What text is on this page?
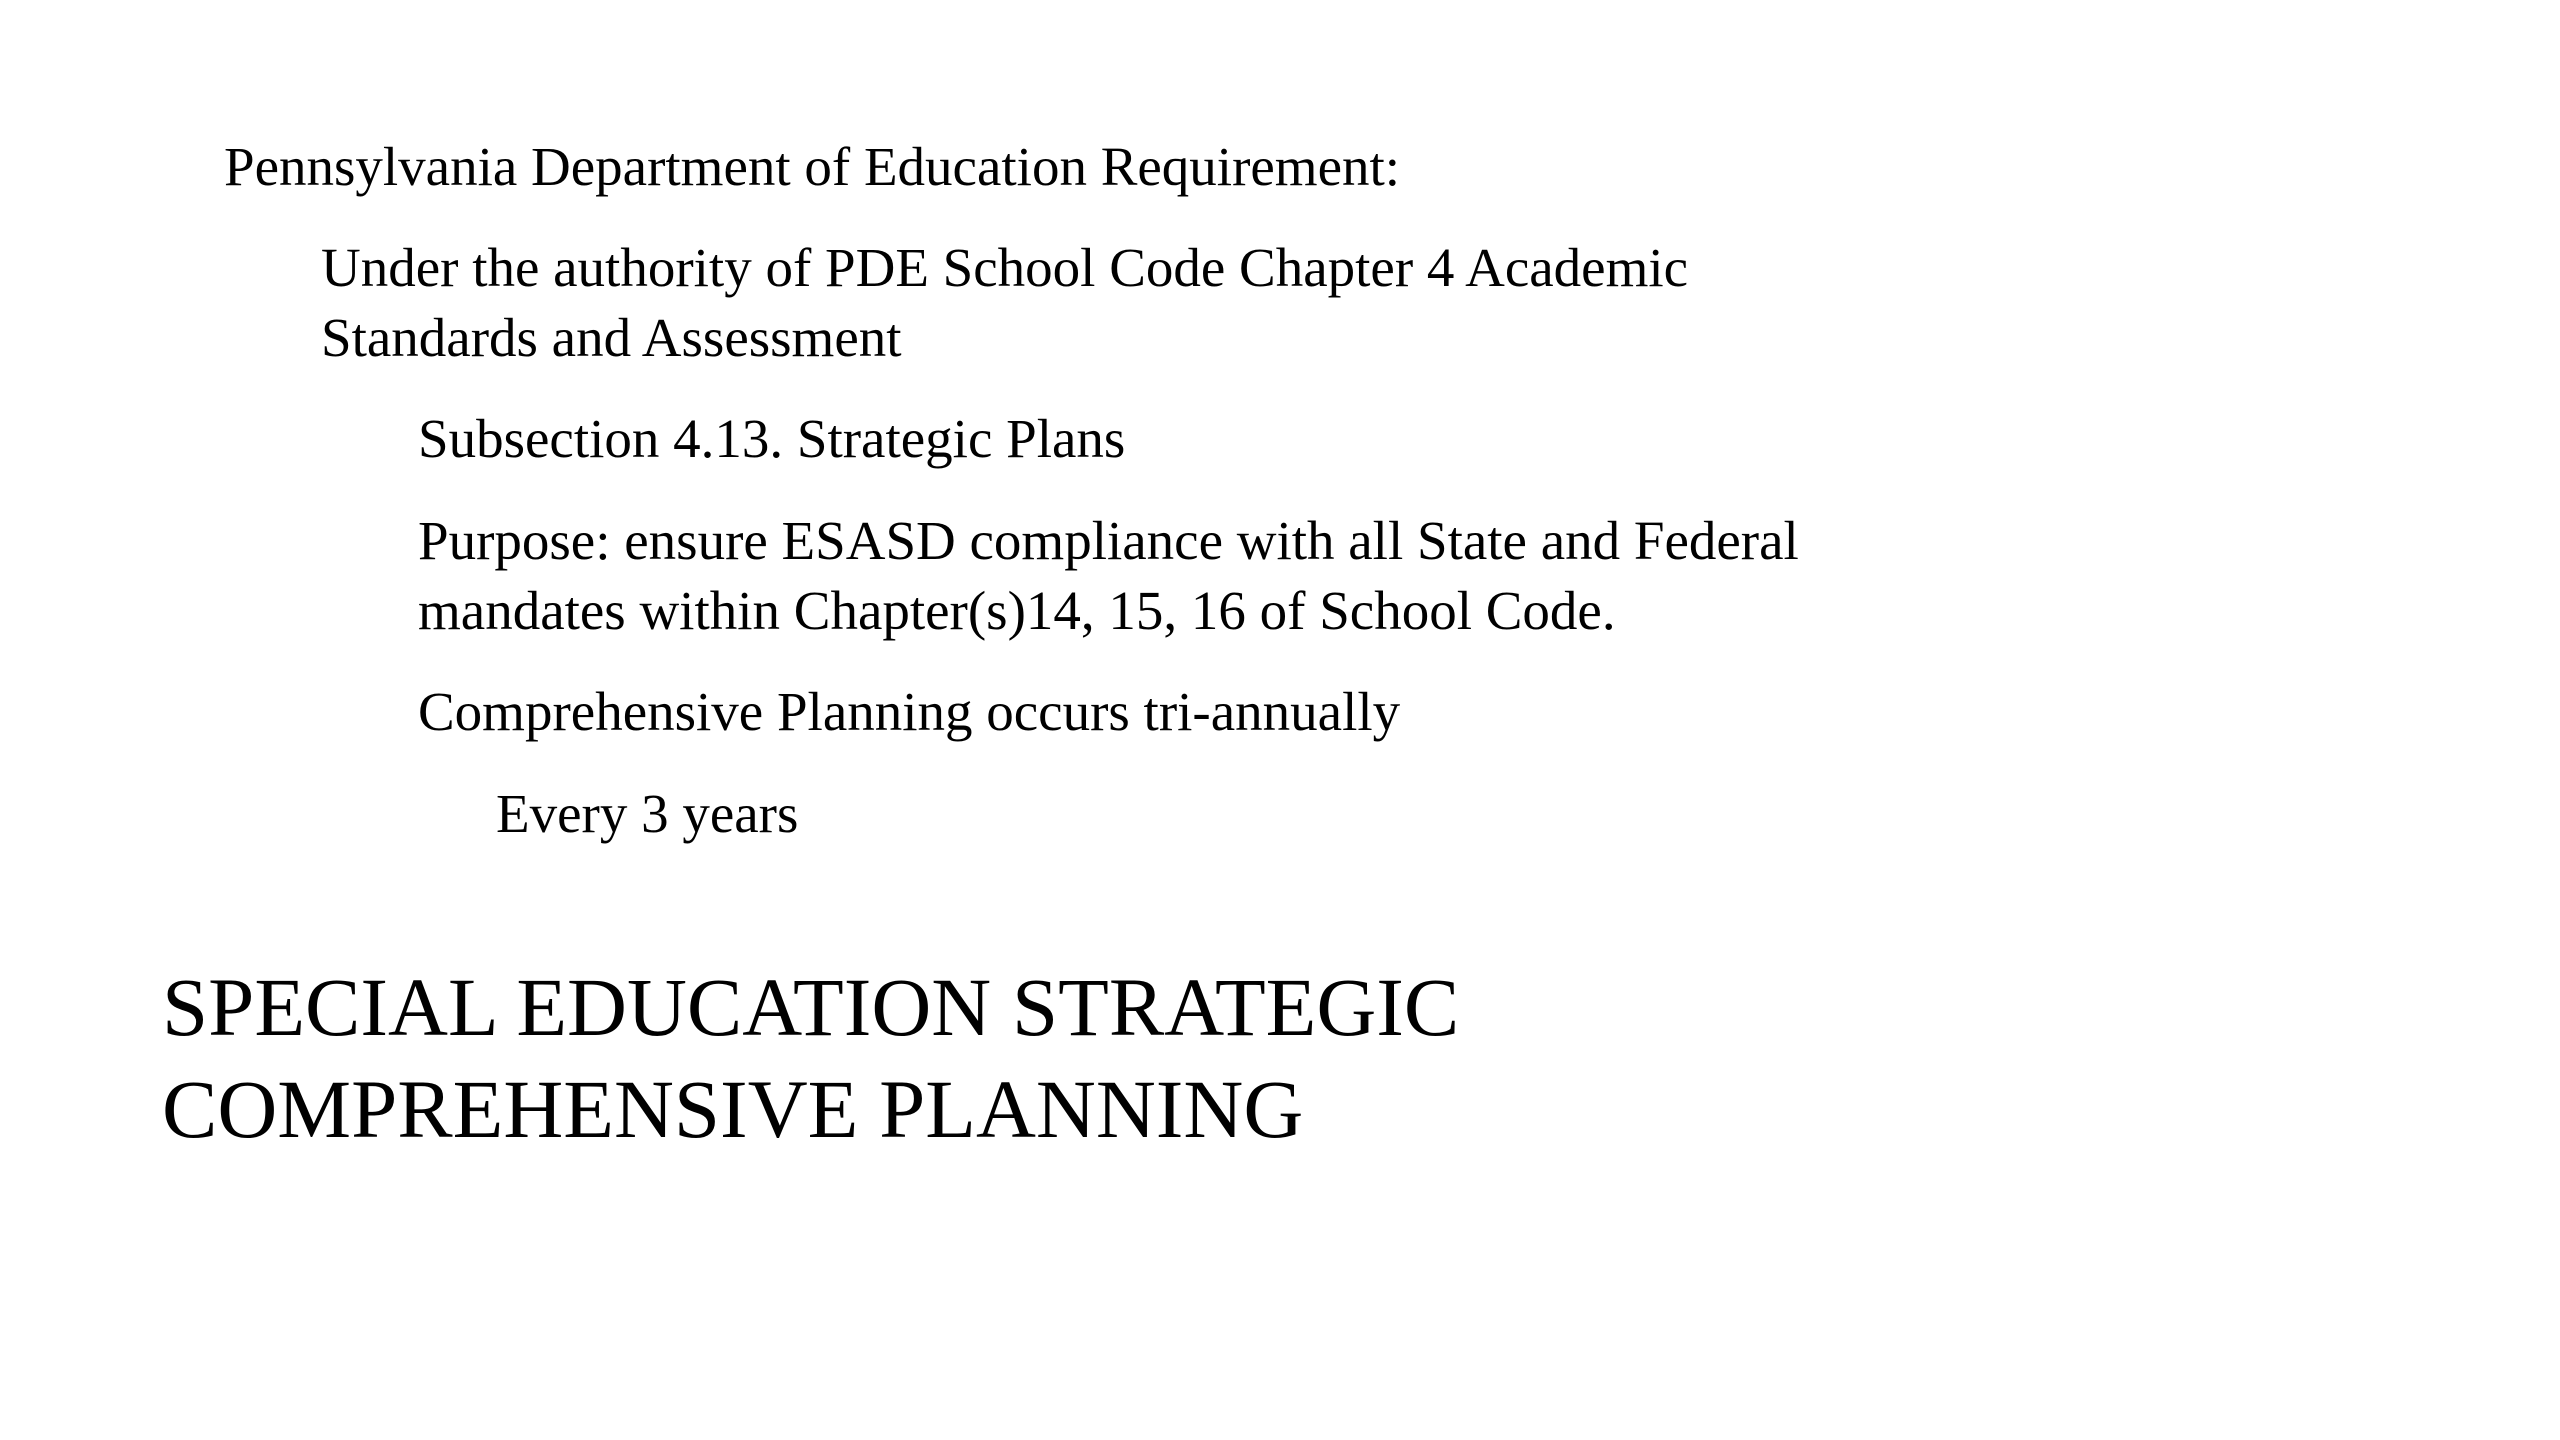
Pennsylvania Department of Education Requirement:

Under the authority of PDE School Code Chapter 4 Academic

Standards and Assessment

Subsection 4.13. Strategic Plans

Purpose: ensure ESASD compliance with all State and Federal

mandates within Chapter(s)14, 15, 16 of School Code.

Comprehensive Planning occurs tri-annually

Every 3 years

SPECIAL EDUCATION STRATEGIC
COMPREHENSIVE PLANNING
